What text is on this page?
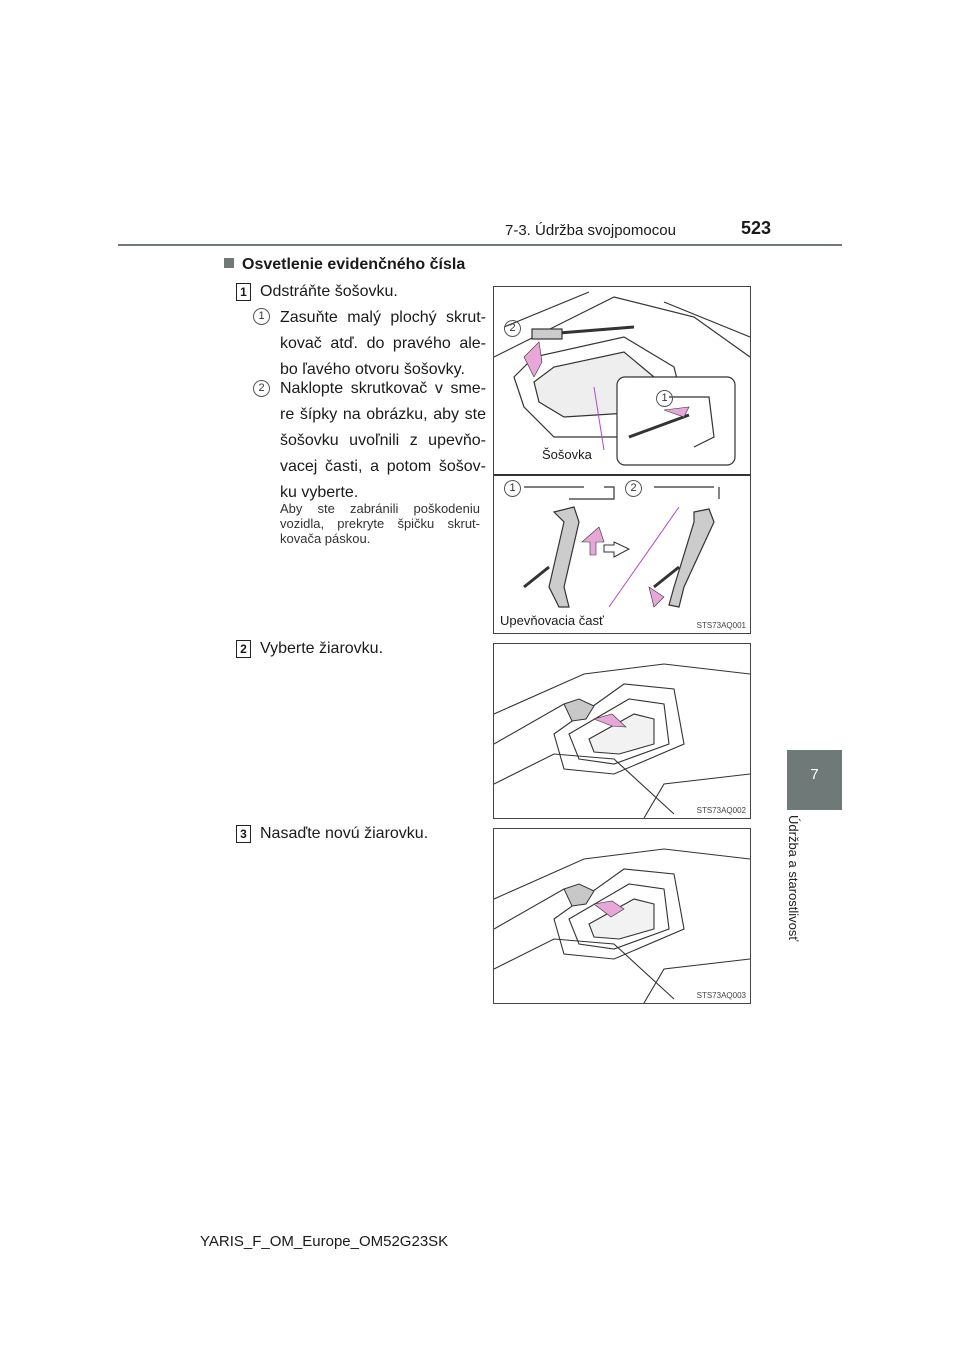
7-3. Údržba svojpomocou	523
7
Údržba a starostlivosť
Osvetlenie evidenčného čísla
1 Odstráňte šošovku.
1 Zasuňte malý plochý skrut-kovač atď. do pravého ale-bo ľavého otvoru šošovky.
2 Naklopte skrutkovač v sme-re šípky na obrázku, aby ste šošovku uvoľnili z upevňo-vacej časti, a potom šošov-ku vyberte.
Aby ste zabránili poškodeniu vozidla, prekryte špičku skrut-kovača páskou.
2
1
1	2
Šošovka
Upevňovacia časť	STS73AQ001
2 Vyberte žiarovku.
STS73AQ002
3 Nasaďte novú žiarovku.
STS73AQ003
YARIS_F_OM_Europe_OM52G23SK
